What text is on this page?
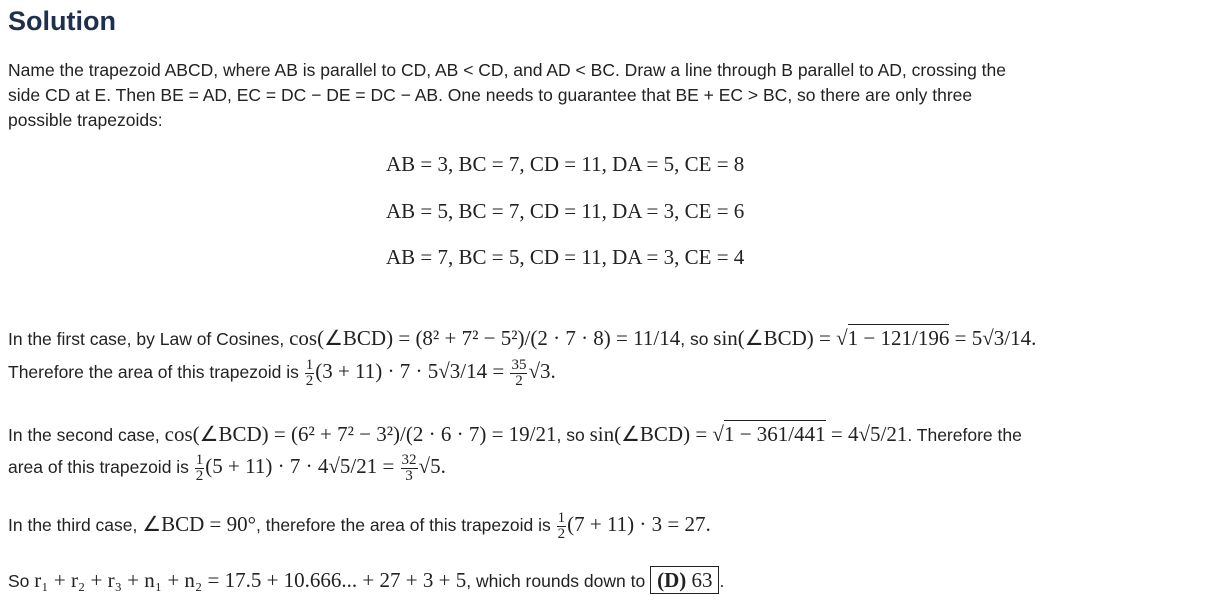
Solution
Name the trapezoid ABCD, where AB is parallel to CD, AB < CD, and AD < BC. Draw a line through B parallel to AD, crossing the
side CD at E. Then BE = AD, EC = DC − DE = DC − AB. One needs to guarantee that BE + EC > BC, so there are only three
possible trapezoids:
AB = 3, BC = 7, CD = 11, DA = 5, CE = 8
AB = 5, BC = 7, CD = 11, DA = 3, CE = 6
AB = 7, BC = 5, CD = 11, DA = 3, CE = 4
In the first case, by Law of Cosines, cos(∠BCD) = (8² + 7² − 5²)/(2 · 7 · 8) = 11/14, so sin(∠BCD) = √1 − 121/196 = 5√3/14.
Therefore the area of this trapezoid is $\frac{1}{2} (3 + 11) \cdot 7 \cdot 5√3/14 = \frac{35}{2} √3$.
In the second case, cos(∠BCD) = (6² + 7² − 3²)/(2 · 6 · 7) = 19/21, so sin(∠BCD) = √1 − 361/441 = 4√5/21. Therefore the
area of this trapezoid is $\frac{1}{2} (5 + 11) \cdot 7 \cdot 4√5/21 = \frac{32}{3} √5$.
In the third case, ∠BCD = 90°, therefore the area of this trapezoid is $\frac{1}{2} (7 + 11) \cdot 3 = 27$.
So r₁ + r₂ + r₃ + n₁ + n₂ = 17.5 + 10.666... + 27 + 3 + 5, which rounds down to (D) 63 .
